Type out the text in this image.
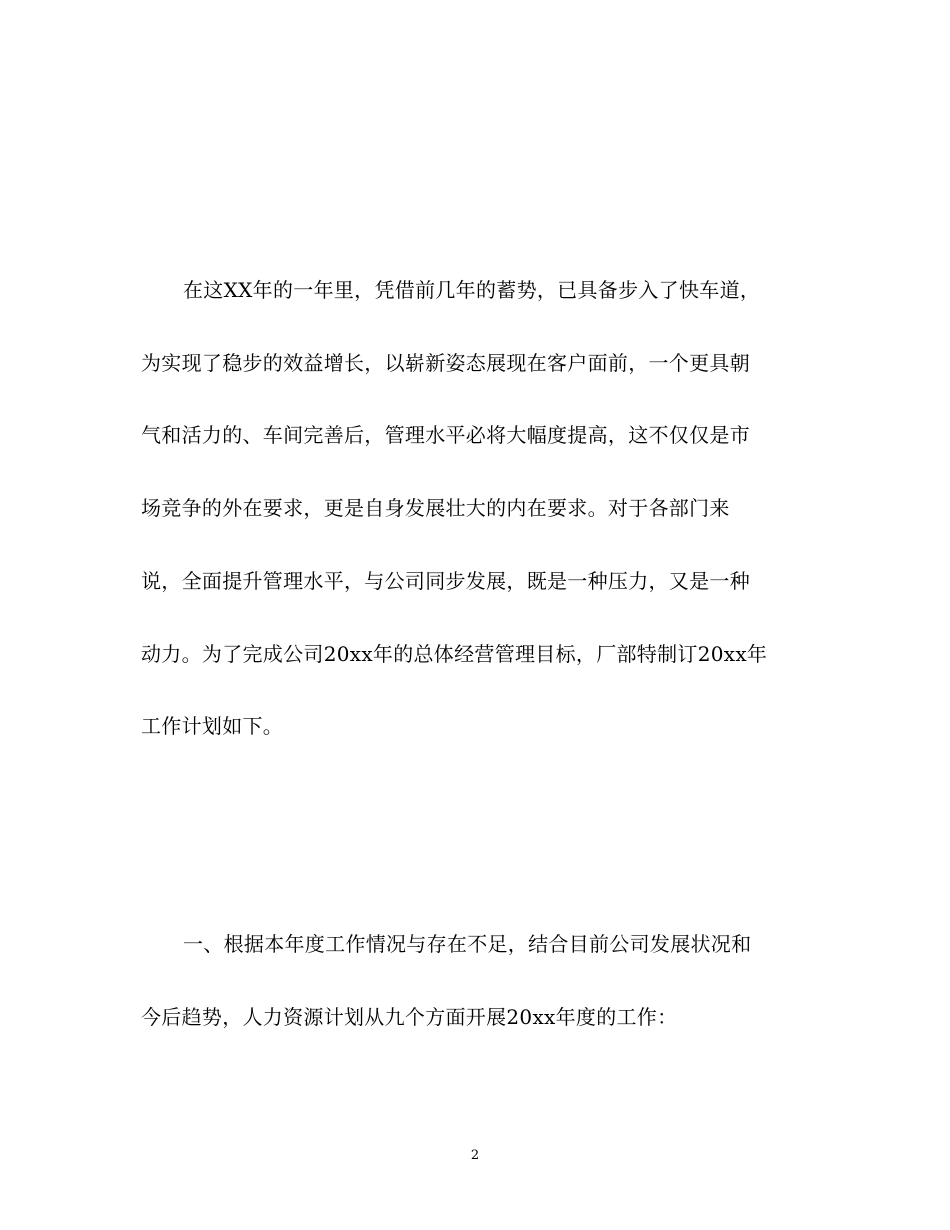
在这XX年的一年里，凭借前几年的蓄势，已具备步入了快车道，
为实现了稳步的效益增长，以崭新姿态展现在客户面前，一个更具朝
气和活力的、车间完善后，管理水平必将大幅度提高，这不仅仅是市
场竞争的外在要求，更是自身发展壮大的内在要求。对于各部门来
说，全面提升管理水平，与公司同步发展，既是一种压力，又是一种
动力。为了完成公司20xx年的总体经营管理目标，厂部特制订20xx年
工作计划如下。
一、根据本年度工作情况与存在不足，结合目前公司发展状况和
今后趋势，人力资源计划从九个方面开展20xx年度的工作：
2
